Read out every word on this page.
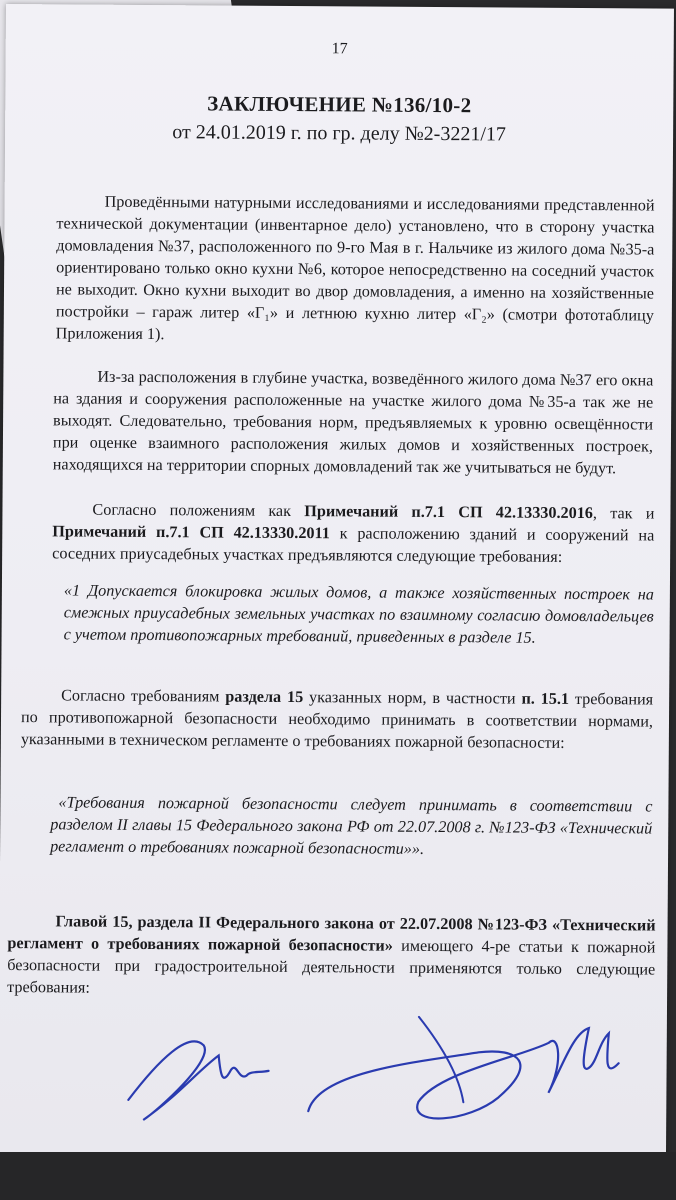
17
ЗАКЛЮЧЕНИЕ №136/10-2
от 24.01.2019 г. по гр. делу №2-3221/17
Проведёнными натурными исследованиями и исследованиями представленной технической документации (инвентарное дело) установлено, что в сторону участка домовладения №37, расположенного по 9-го Мая в г. Нальчике из жилого дома №35-а ориентировано только окно кухни №6, которое непосредственно на соседний участок не выходит. Окно кухни выходит во двор домовладения, а именно на хозяйственные постройки – гараж литер «Г₁» и летнюю кухню литер «Г₂» (смотри фототаблицу Приложения 1).
Из-за расположения в глубине участка, возведённого жилого дома №37 его окна на здания и сооружения расположенные на участке жилого дома №35-а так же не выходят. Следовательно, требования норм, предъявляемых к уровню освещённости при оценке взаимного расположения жилых домов и хозяйственных построек, находящихся на территории спорных домовладений так же учитываться не будут.
Согласно положениям как Примечаний п.7.1 СП 42.13330.2016, так и Примечаний п.7.1 СП 42.13330.2011 к расположению зданий и сооружений на соседних приусадебных участках предъявляются следующие требования:
«1 Допускается блокировка жилых домов, а также хозяйственных построек на смежных приусадебных земельных участках по взаимному согласию домовладельцев с учетом противопожарных требований, приведенных в разделе 15.
Согласно требованиям раздела 15 указанных норм, в частности п. 15.1 требования по противопожарной безопасности необходимо принимать в соответствии нормами, указанными в техническом регламенте о требованиях пожарной безопасности:
«Требования пожарной безопасности следует принимать в соответствии с разделом II главы 15 Федерального закона РФ от 22.07.2008 г. №123-ФЗ «Технический регламент о требованиях пожарной безопасности»».
Главой 15, раздела II Федерального закона от 22.07.2008 №123-ФЗ «Технический регламент о требованиях пожарной безопасности» имеющего 4-ре статьи к пожарной безопасности при градостроительной деятельности применяются только следующие требования:
